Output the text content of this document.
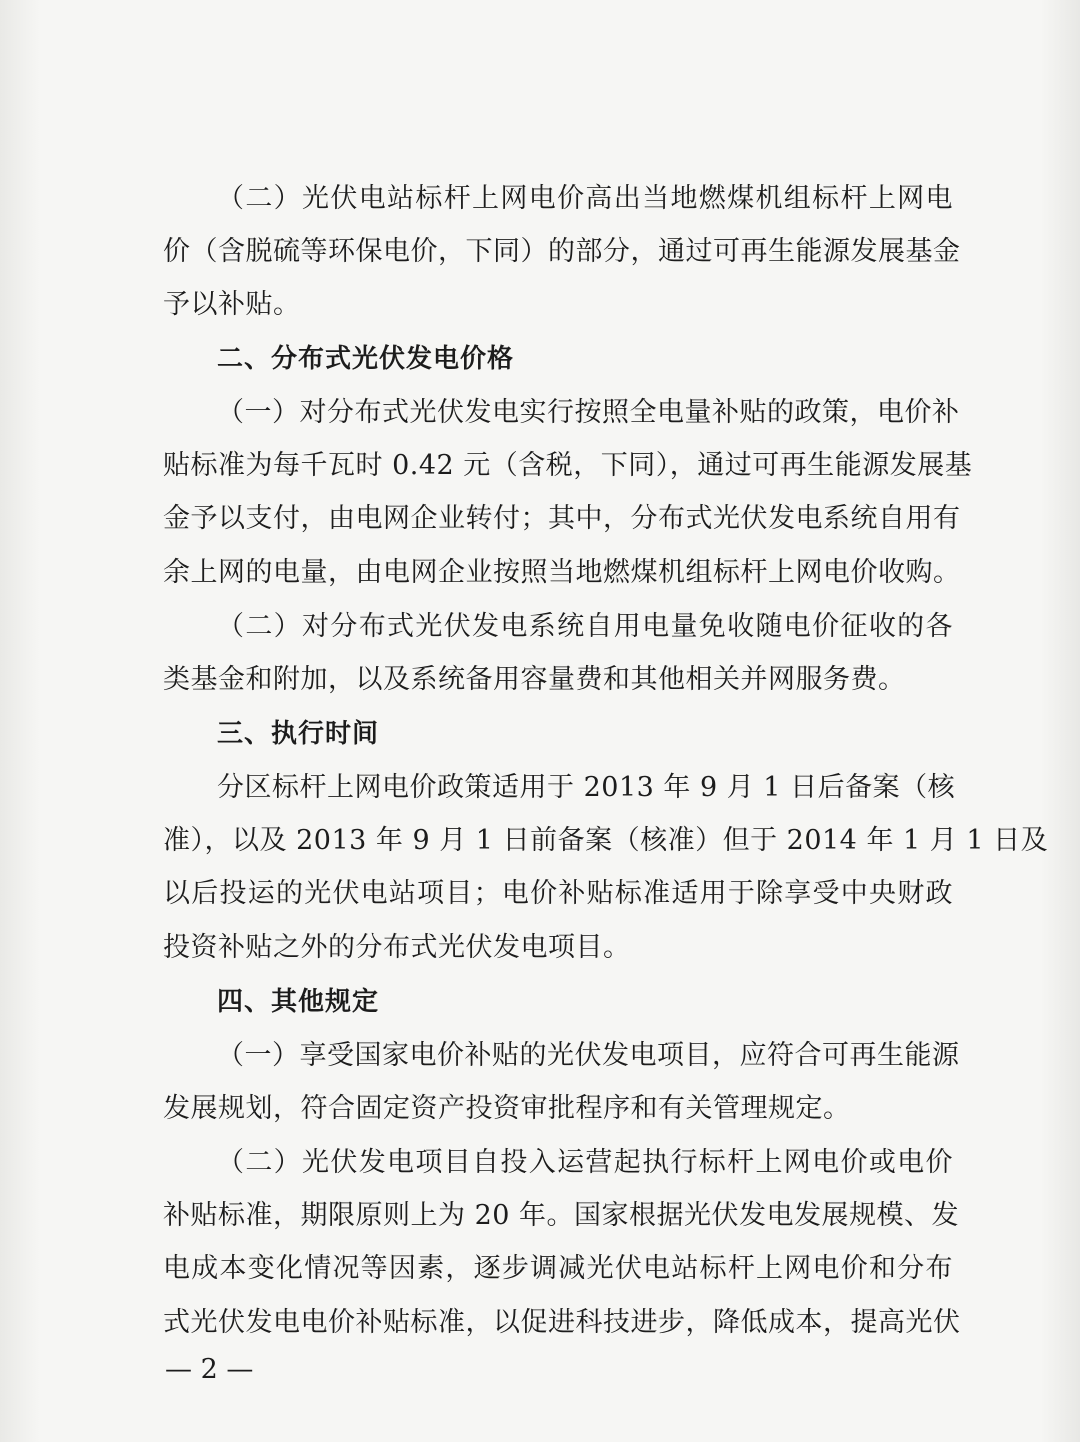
（二）光伏电站标杆上网电价高出当地燃煤机组标杆上网电
价（含脱硫等环保电价，下同）的部分，通过可再生能源发展基金
予以补贴。
二、分布式光伏发电价格
（一）对分布式光伏发电实行按照全电量补贴的政策，电价补
贴标准为每千瓦时 0.42 元（含税，下同），通过可再生能源发展基
金予以支付，由电网企业转付；其中，分布式光伏发电系统自用有
余上网的电量，由电网企业按照当地燃煤机组标杆上网电价收购。
（二）对分布式光伏发电系统自用电量免收随电价征收的各
类基金和附加，以及系统备用容量费和其他相关并网服务费。
三、执行时间
分区标杆上网电价政策适用于 2013 年 9 月 1 日后备案（核
准），以及 2013 年 9 月 1 日前备案（核准）但于 2014 年 1 月 1 日及
以后投运的光伏电站项目；电价补贴标准适用于除享受中央财政
投资补贴之外的分布式光伏发电项目。
四、其他规定
（一）享受国家电价补贴的光伏发电项目，应符合可再生能源
发展规划，符合固定资产投资审批程序和有关管理规定。
（二）光伏发电项目自投入运营起执行标杆上网电价或电价
补贴标准，期限原则上为 20 年。国家根据光伏发电发展规模、发
电成本变化情况等因素，逐步调减光伏电站标杆上网电价和分布
式光伏发电电价补贴标准，以促进科技进步，降低成本，提高光伏
— 2 —
